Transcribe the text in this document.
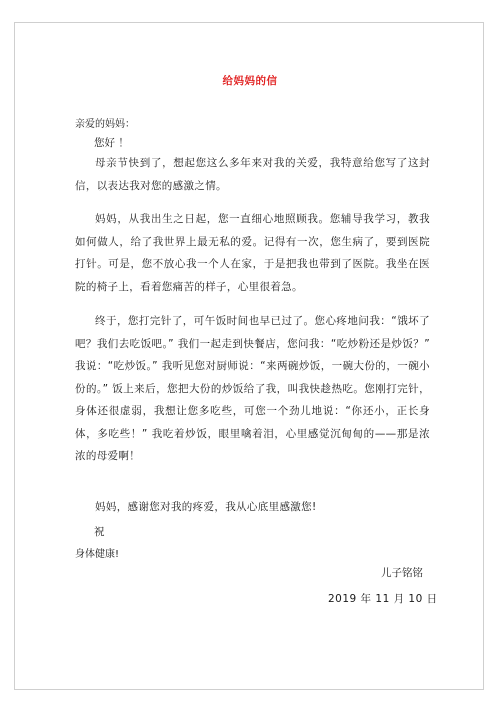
给妈妈的信
亲爱的妈妈：
您好 ！

母亲节快到了，想起您这么多年来对我的关爱，我特意给您写了这封信，以表达我对您的感激之情。

妈妈，从我出生之日起，您一直细心地照顾我。您辅导我学习，教我如何做人，给了我世界上最无私的爱。记得有一次，您生病了，要到医院打针。可是，您不放心我一个人在家，于是把我也带到了医院。我坐在医院的椅子上，看着您痛苦的样子，心里很着急。

终于，您打完针了，可午饭时间也早已过了。您心疼地问我：“饿坏了吧？我们去吃饭吧。” 我们一起走到快餐店，您问我：“吃炒粉还是炒饭？” 我说：“吃炒饭。” 我听见您对厨师说：“来两碗炒饭，一碗大份的，一碗小份的。” 饭上来后，您把大份的炒饭给了我，叫我快趁热吃。您刚打完针，身体还很虚弱，我想让您多吃些，可您一个劲儿地说：“你还小，正长身体，多吃些！” 我吃着炒饭，眼里噙着泪，心里感觉沉甸甸的——那是浓浓的母爱啊！

妈妈，感谢您对我的疼爱，我从心底里感激您!

祝
身体健康!
儿子铭铭
2019 年 11 月 10 日
